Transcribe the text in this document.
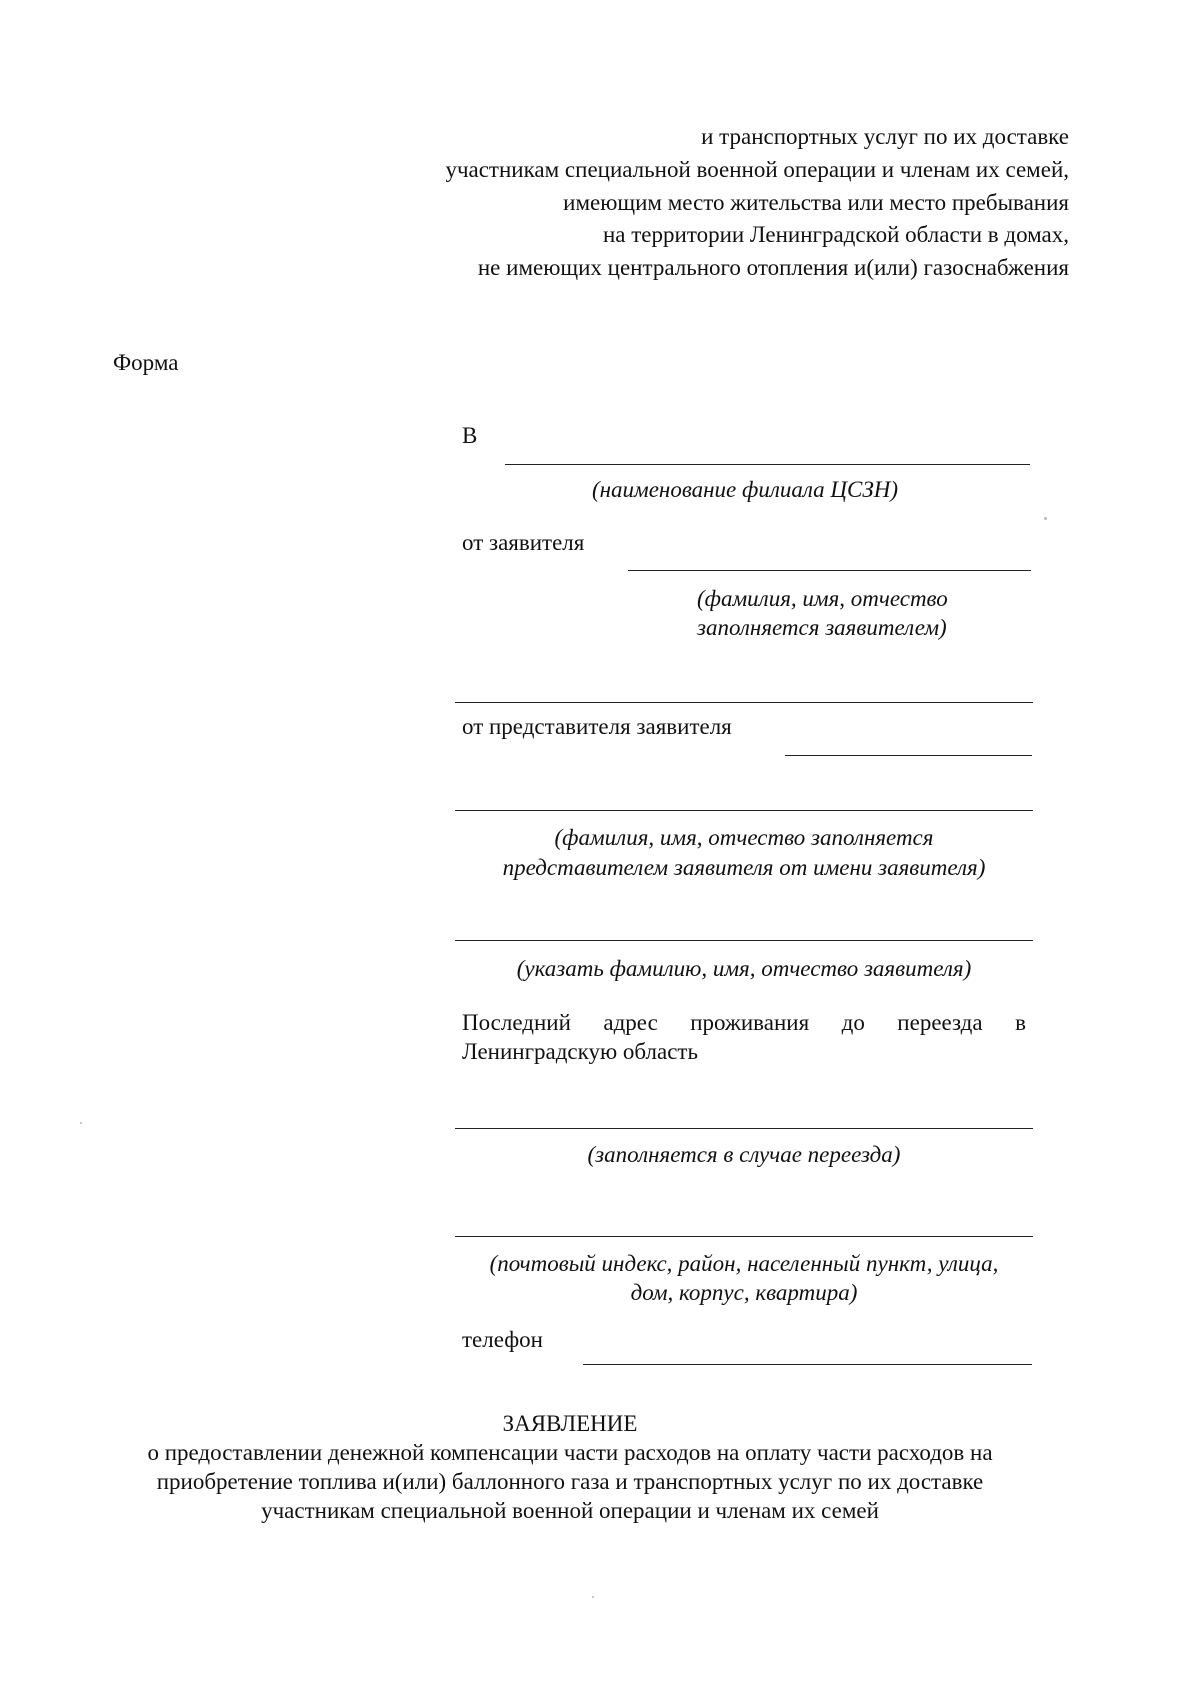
и транспортных услуг по их доставке
участникам специальной военной операции и членам их семей,
имеющим место жительства или место пребывания
на территории Ленинградской области в домах,
не имеющих центрального отопления и(или) газоснабжения
Форма
В
(наименование филиала ЦСЗН)
от заявителя
(фамилия, имя, отчество
заполняется заявителем)
от представителя заявителя
(фамилия, имя, отчество заполняется
представителем заявителя от имени заявителя)
(указать фамилию, имя, отчество заявителя)
Последний адрес проживания до переезда в
Ленинградскую область
(заполняется в случае переезда)
(почтовый индекс, район, населенный пункт, улица,
дом, корпус, квартира)
телефон
ЗАЯВЛЕНИЕ
о предоставлении денежной компенсации части расходов на оплату части расходов на
приобретение топлива и(или) баллонного газа и транспортных услуг по их доставке
участникам специальной военной операции и членам их семей
